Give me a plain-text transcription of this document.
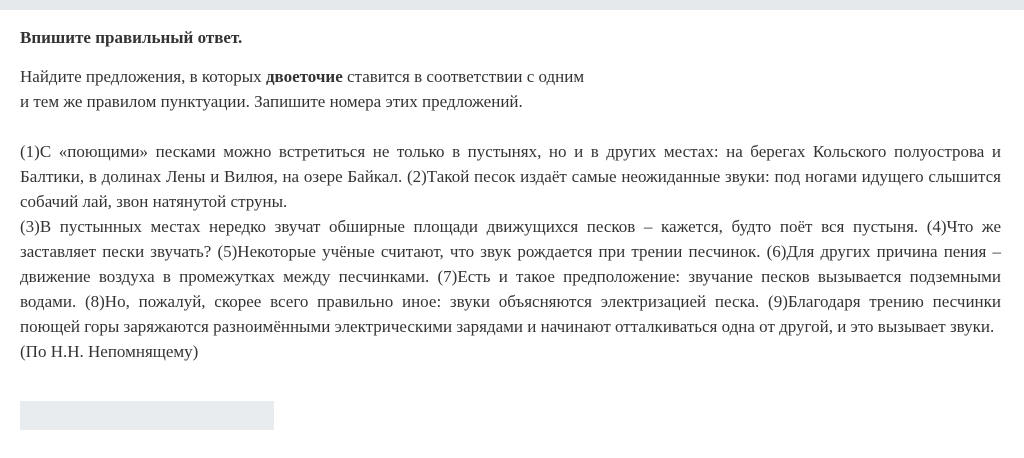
Впишите правильный ответ.

Найдите предложения, в которых двоеточие ставится в соответствии с одним
и тем же правилом пунктуации. Запишите номера этих предложений.

(1)С «поющими» песками можно встретиться не только в пустынях, но и в других местах: на берегах Кольского полуострова и Балтики, в долинах Лены и Вилюя, на озере Байкал. (2)Такой песок издаёт самые неожиданные звуки: под ногами идущего слышится собачий лай, звон натянутой струны.

(3)В пустынных местах нередко звучат обширные площади движущихся песков – кажется, будто поёт вся пустыня. (4)Что же заставляет пески звучать? (5)Некоторые учёные считают, что звук рождается при трении песчинок. (6)Для других причина пения – движение воздуха в промежутках между песчинками. (7)Есть и такое предположение: звучание песков вызывается подземными водами. (8)Но, пожалуй, скорее всего правильно иное: звуки объясняются электризацией песка. (9)Благодаря трению песчинки поющей горы заряжаются разноимёнными электрическими зарядами и начинают отталкиваться одна от другой, и это вызывает звуки.

(По Н.Н. Непомнящему)
